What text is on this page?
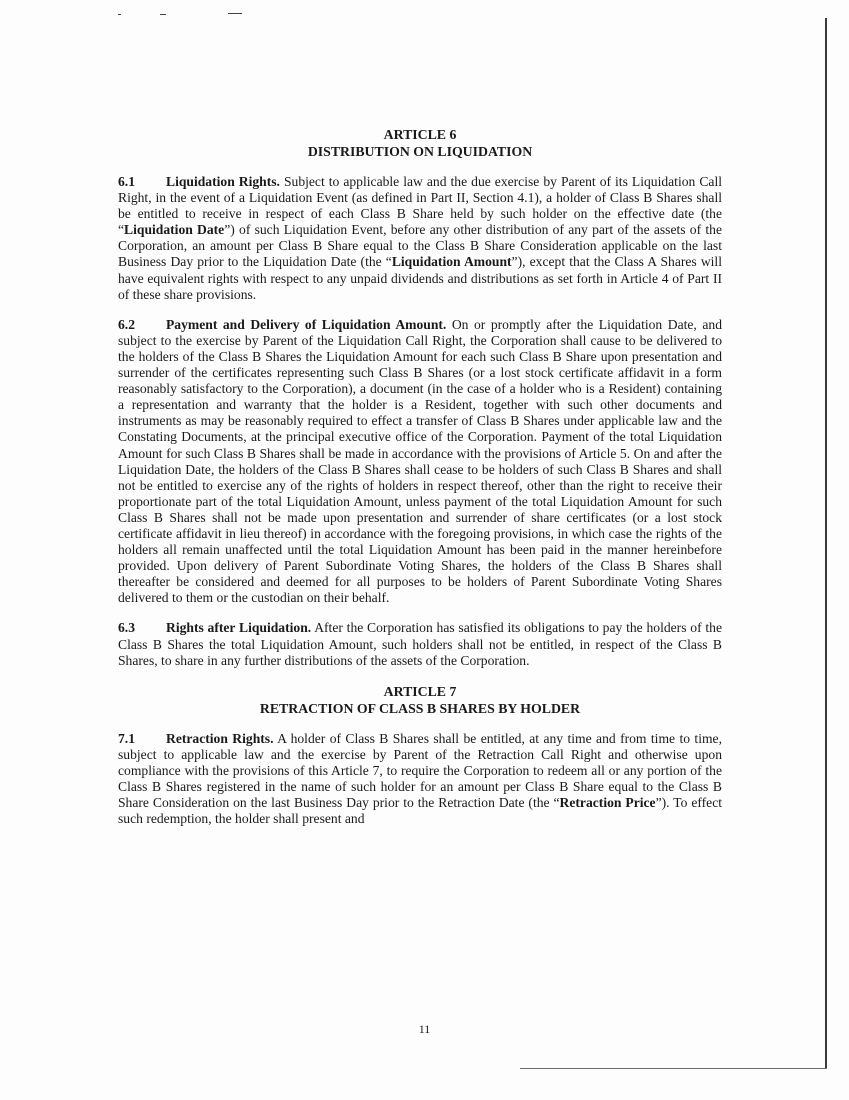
ARTICLE 6
DISTRIBUTION ON LIQUIDATION

6.1 Liquidation Rights. Subject to applicable law and the due exercise by Parent of its Liquidation Call Right, in the event of a Liquidation Event (as defined in Part II, Section 4.1), a holder of Class B Shares shall be entitled to receive in respect of each Class B Share held by such holder on the effective date (the “Liquidation Date”) of such Liquidation Event, before any other distribution of any part of the assets of the Corporation, an amount per Class B Share equal to the Class B Share Consideration applicable on the last Business Day prior to the Liquidation Date (the “Liquidation Amount”), except that the Class A Shares will have equivalent rights with respect to any unpaid dividends and distributions as set forth in Article 4 of Part II of these share provisions.

6.2 Payment and Delivery of Liquidation Amount. On or promptly after the Liquidation Date, and subject to the exercise by Parent of the Liquidation Call Right, the Corporation shall cause to be delivered to the holders of the Class B Shares the Liquidation Amount for each such Class B Share upon presentation and surrender of the certificates representing such Class B Shares (or a lost stock certificate affidavit in a form reasonably satisfactory to the Corporation), a document (in the case of a holder who is a Resident) containing a representation and warranty that the holder is a Resident, together with such other documents and instruments as may be reasonably required to effect a transfer of Class B Shares under applicable law and the Constating Documents, at the principal executive office of the Corporation. Payment of the total Liquidation Amount for such Class B Shares shall be made in accordance with the provisions of Article 5. On and after the Liquidation Date, the holders of the Class B Shares shall cease to be holders of such Class B Shares and shall not be entitled to exercise any of the rights of holders in respect thereof, other than the right to receive their proportionate part of the total Liquidation Amount, unless payment of the total Liquidation Amount for such Class B Shares shall not be made upon presentation and surrender of share certificates (or a lost stock certificate affidavit in lieu thereof) in accordance with the foregoing provisions, in which case the rights of the holders all remain unaffected until the total Liquidation Amount has been paid in the manner hereinbefore provided. Upon delivery of Parent Subordinate Voting Shares, the holders of the Class B Shares shall thereafter be considered and deemed for all purposes to be holders of Parent Subordinate Voting Shares delivered to them or the custodian on their behalf.

6.3 Rights after Liquidation. After the Corporation has satisfied its obligations to pay the holders of the Class B Shares the total Liquidation Amount, such holders shall not be entitled, in respect of the Class B Shares, to share in any further distributions of the assets of the Corporation.

ARTICLE 7
RETRACTION OF CLASS B SHARES BY HOLDER

7.1 Retraction Rights. A holder of Class B Shares shall be entitled, at any time and from time to time, subject to applicable law and the exercise by Parent of the Retraction Call Right and otherwise upon compliance with the provisions of this Article 7, to require the Corporation to redeem all or any portion of the Class B Shares registered in the name of such holder for an amount per Class B Share equal to the Class B Share Consideration on the last Business Day prior to the Retraction Date (the “Retraction Price”). To effect such redemption, the holder shall present and

11
